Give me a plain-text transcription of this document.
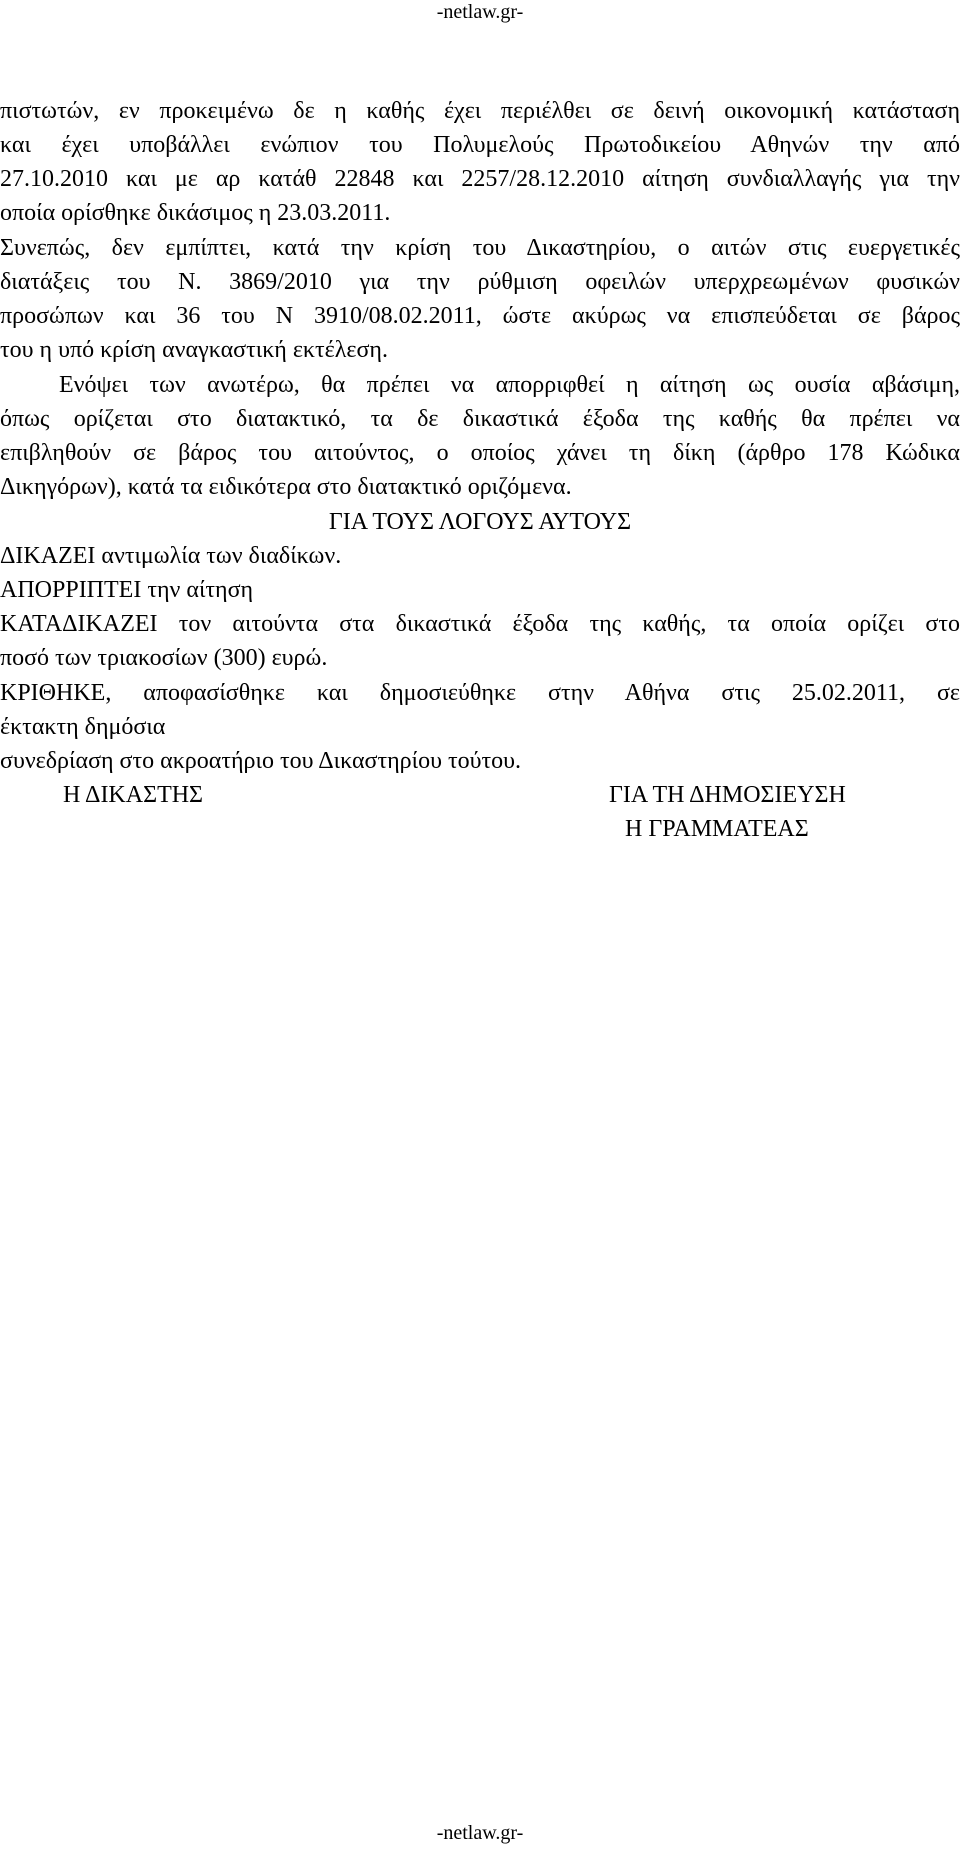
-netlaw.gr-
πιστωτών, εν προκειμένω δε η καθής έχει περιέλθει σε δεινή οικονομική κατάσταση
και έχει υποβάλλει ενώπιον του Πολυμελούς Πρωτοδικείου Αθηνών την από
27.10.2010 και με αρ κατάθ 22848 και 2257/28.12.2010 αίτηση συνδιαλλαγής για την
οποία ορίσθηκε δικάσιμος η 23.03.2011.
Συνεπώς, δεν εμπίπτει, κατά την κρίση του Δικαστηρίου, ο αιτών στις ευεργετικές
διατάξεις του Ν. 3869/2010 για την ρύθμιση οφειλών υπερχρεωμένων φυσικών
προσώπων και 36 του Ν 3910/08.02.2011, ώστε ακύρως να επισπεύδεται σε βάρος
του η υπό κρίση αναγκαστική εκτέλεση.
Ενόψει των ανωτέρω, θα πρέπει να απορριφθεί η αίτηση ως ουσία αβάσιμη,
όπως ορίζεται στο διατακτικό, τα δε δικαστικά έξοδα της καθής θα πρέπει να
επιβληθούν σε βάρος του αιτούντος, ο οποίος χάνει τη δίκη (άρθρο 178 Κώδικα
Δικηγόρων), κατά τα ειδικότερα στο διατακτικό οριζόμενα.
ΓΙΑ ΤΟΥΣ ΛΟΓΟΥΣ ΑΥΤΟΥΣ
ΔΙΚΑΖΕΙ αντιμωλία των διαδίκων.
ΑΠΟΡΡΙΠΤΕΙ την αίτηση
ΚΑΤΑΔΙΚΑΖΕΙ τον αιτούντα στα δικαστικά έξοδα της καθής, τα οποία ορίζει στο
ποσό των τριακοσίων (300) ευρώ.
ΚΡΙΘΗΚΕ, αποφασίσθηκε και δημοσιεύθηκε στην Αθήνα στις 25.02.2011, σε
έκτακτη δημόσια
συνεδρίαση στο ακροατήριο του Δικαστηρίου τούτου.
Η ΔΙΚΑΣΤΗΣ	ΓΙΑ ΤΗ ΔΗΜΟΣΙΕΥΣΗ
Η ΓΡΑΜΜΑΤΕΑΣ
-netlaw.gr-
